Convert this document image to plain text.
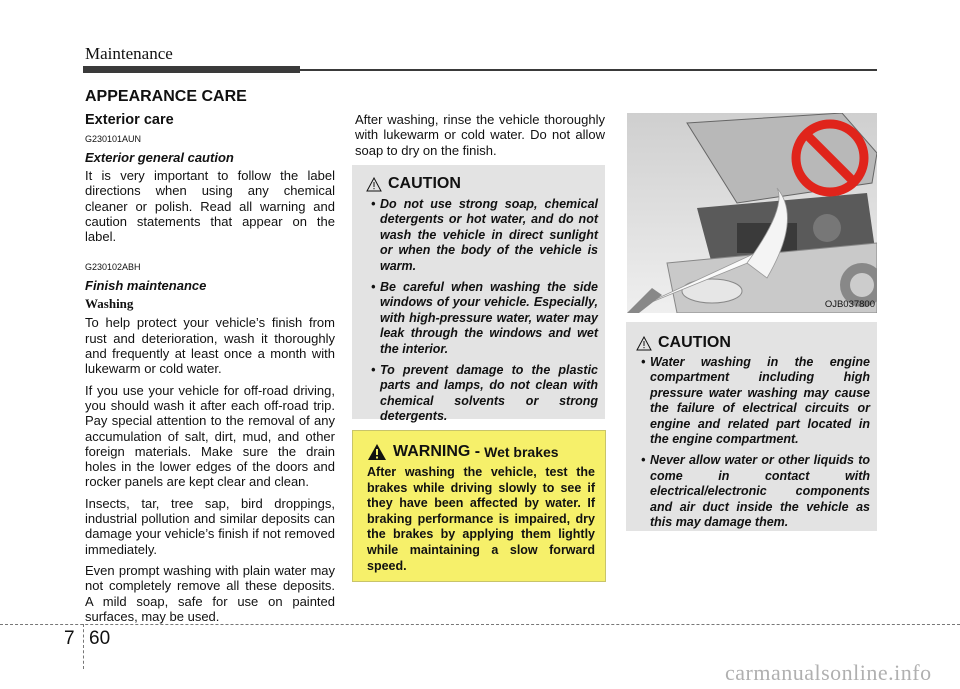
Maintenance
APPEARANCE CARE
Exterior care
G230101AUN
Exterior general caution

It is very important to follow the label directions when using any chemical cleaner or polish. Read all warning and caution statements that appear on the label.

G230102ABH
Finish maintenance
Washing

To help protect your vehicle’s finish from rust and deterioration, wash it thoroughly and frequently at least once a month with lukewarm or cold water.

If you use your vehicle for off-road driving, you should wash it after each off-road trip. Pay special attention to the removal of any accumulation of salt, dirt, mud, and other foreign materials. Make sure the drain holes in the lower edges of the doors and rocker panels are kept clear and clean.

Insects, tar, tree sap, bird droppings, industrial pollution and similar deposits can damage your vehicle’s finish if not removed immediately.

Even prompt washing with plain water may not completely remove all these deposits. A mild soap, safe for use on painted surfaces, may be used.

After washing, rinse the vehicle thoroughly with lukewarm or cold water. Do not allow soap to dry on the finish.
CAUTION
• Do not use strong soap, chemical detergents or hot water, and do not wash the vehicle in direct sunlight or when the body of the vehicle is warm.
• Be careful when washing the side windows of your vehicle. Especially, with high-pressure water, water may leak through the windows and wet the interior.
• To prevent damage to the plastic parts and lamps, do not clean with chemical solvents or strong detergents.
WARNING - Wet brakes
After washing the vehicle, test the brakes while driving slowly to see if they have been affected by water. If braking performance is impaired, dry the brakes by applying them lightly while maintaining a slow forward speed.
OJB037800
CAUTION
• Water washing in the engine compartment including high pressure water washing may cause the failure of electrical circuits or engine and related part located in the engine compartment.
• Never allow water or other liquids to come in contact with electrical/electronic components and air duct inside the vehicle as this may damage them.
7 60
carmanualsonline.info
